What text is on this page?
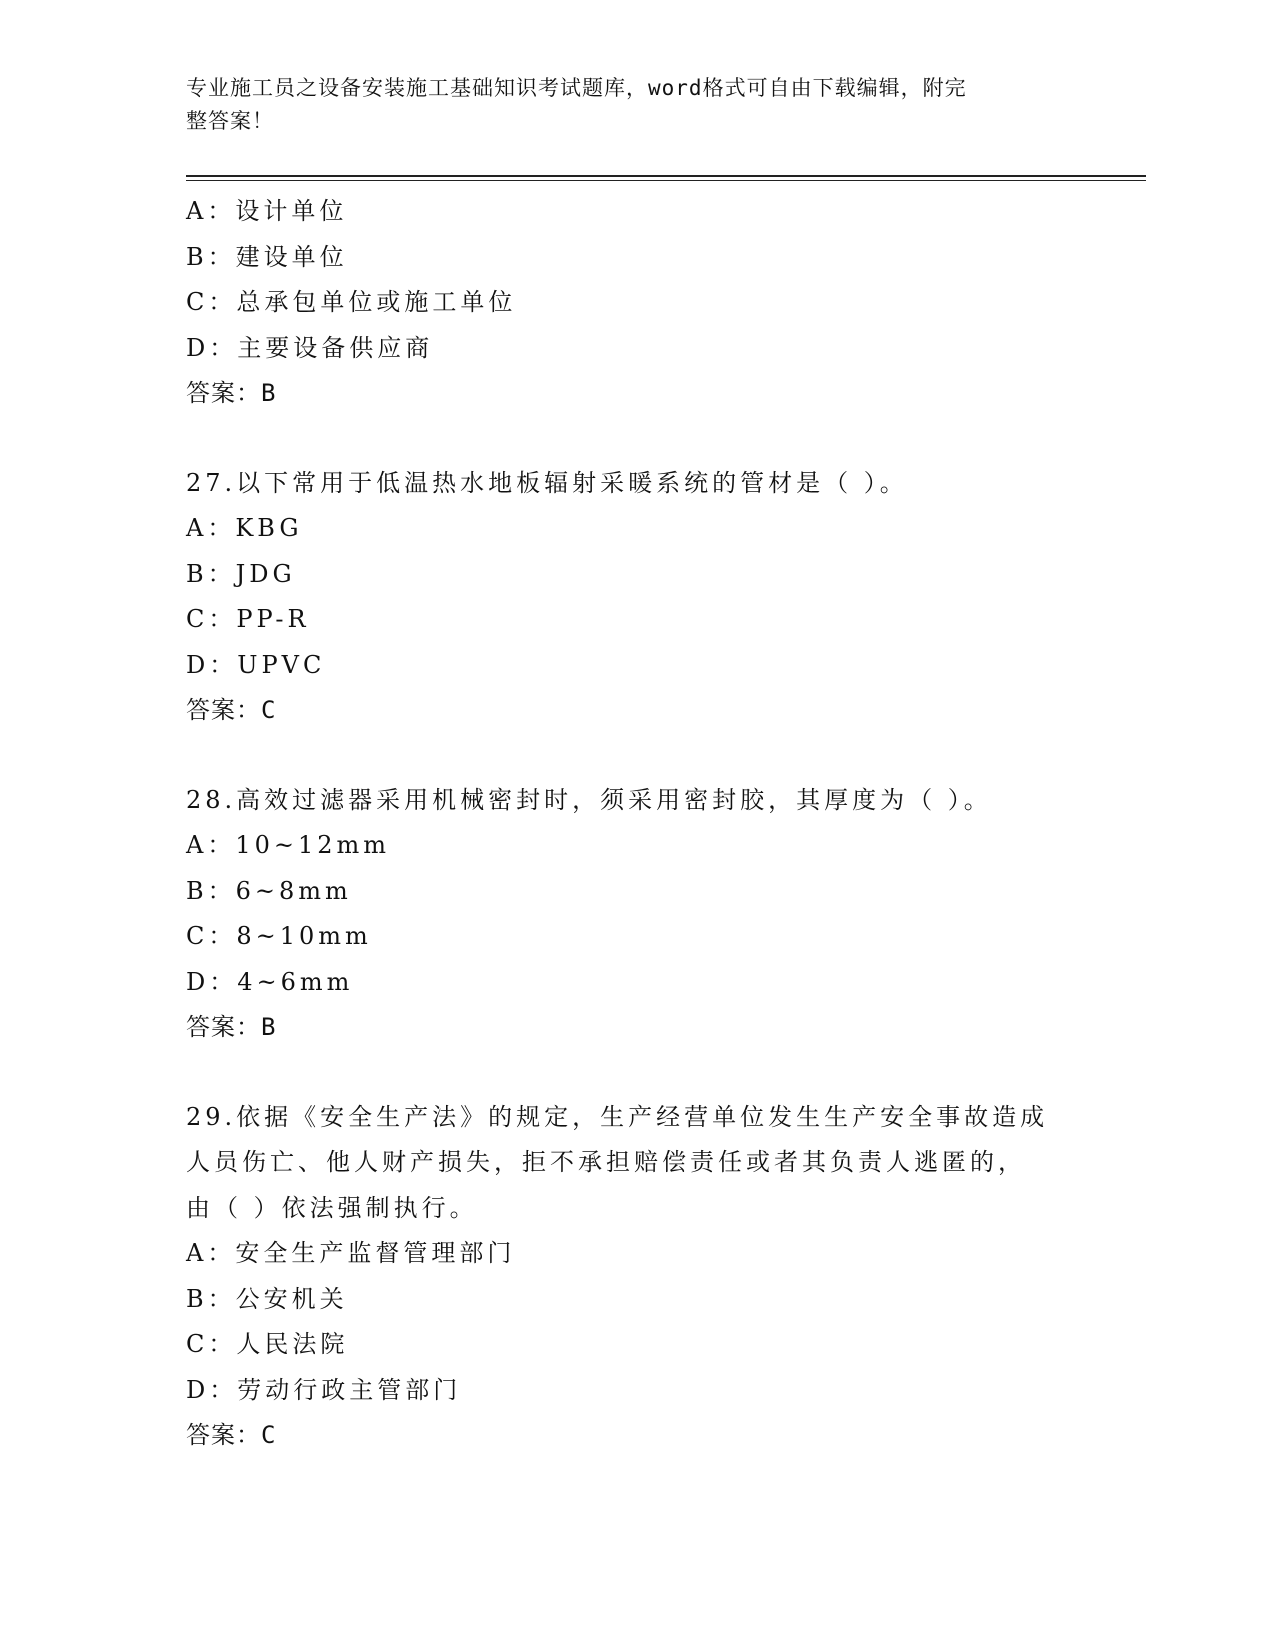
专业施工员之设备安装施工基础知识考试题库，word格式可自由下载编辑，附完
整答案！
A：设计单位
B：建设单位
C：总承包单位或施工单位
D：主要设备供应商
答案：B
27.以下常用于低温热水地板辐射采暖系统的管材是（ ）。
A：KBG
B：JDG
C：PP-R
D：UPVC
答案：C
28.高效过滤器采用机械密封时，须采用密封胶，其厚度为（ ）。
A：10~12mm
B：6~8mm
C：8~10mm
D：4~6mm
答案：B
29.依据《安全生产法》的规定，生产经营单位发生生产安全事故造成
人员伤亡、他人财产损失，拒不承担赔偿责任或者其负责人逃匿的，
由（ ）依法强制执行。
A：安全生产监督管理部门
B：公安机关
C：人民法院
D：劳动行政主管部门
答案：C
